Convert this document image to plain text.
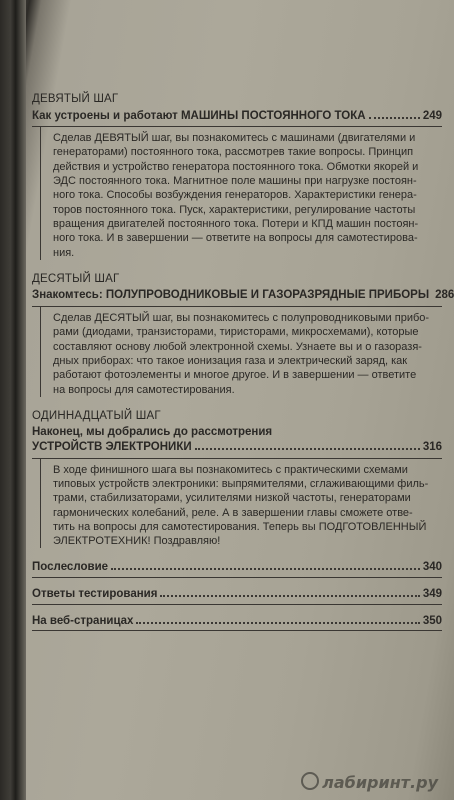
ДЕВЯТЫЙ ШАГ
Как устроены и работают МАШИНЫ ПОСТОЯННОГО ТОКА	249

Сделав ДЕВЯТЫЙ шаг, вы познакомитесь с машинами (двигателями и
генераторами) постоянного тока, рассмотрев такие вопросы. Принцип
действия и устройство генератора постоянного тока. Обмотки якорей и
ЭДС постоянного тока. Магнитное поле машины при нагрузке постоян-
ного тока. Способы возбуждения генераторов. Характеристики генера-
торов постоянного тока. Пуск, характеристики, регулирование частоты
вращения двигателей постоянного тока. Потери и КПД машин постоян-
ного тока. И в завершении — ответите на вопросы для самотестирова-
ния.

ДЕСЯТЫЙ ШАГ
Знакомтесь: ПОЛУПРОВОДНИКОВЫЕ И ГАЗОРАЗРЯДНЫЕ ПРИБОРЫ 286

Сделав ДЕСЯТЫЙ шаг, вы познакомитесь с полупроводниковыми прибо-
рами (диодами, транзисторами, тиристорами, микросхемами), которые
составляют основу любой электронной схемы. Узнаете вы и о газоразя-
дных приборах: что такое ионизация газа и электрический заряд, как
работают фотоэлементы и многое другое. И в завершении — ответите
на вопросы для самотестирования.

ОДИННАДЦАТЫЙ ШАГ
Наконец, мы добрались до рассмотрения
УСТРОЙСТВ ЭЛЕКТРОНИКИ	316

В ходе финишного шага вы познакомитесь с практическими схемами
типовых устройств электроники: выпрямителями, сглаживающими филь-
трами, стабилизаторами, усилителями низкой частоты, генераторами
гармонических колебаний, реле. А в завершении главы сможете отве-
тить на вопросы для самотестирования. Теперь вы ПОДГОТОВЛЕННЫЙ
ЭЛЕКТРОТЕХНИК! Поздравляю!

Послесловие	340
Ответы тестирования	349
На веб-страницах	350
лабиринт.ру
